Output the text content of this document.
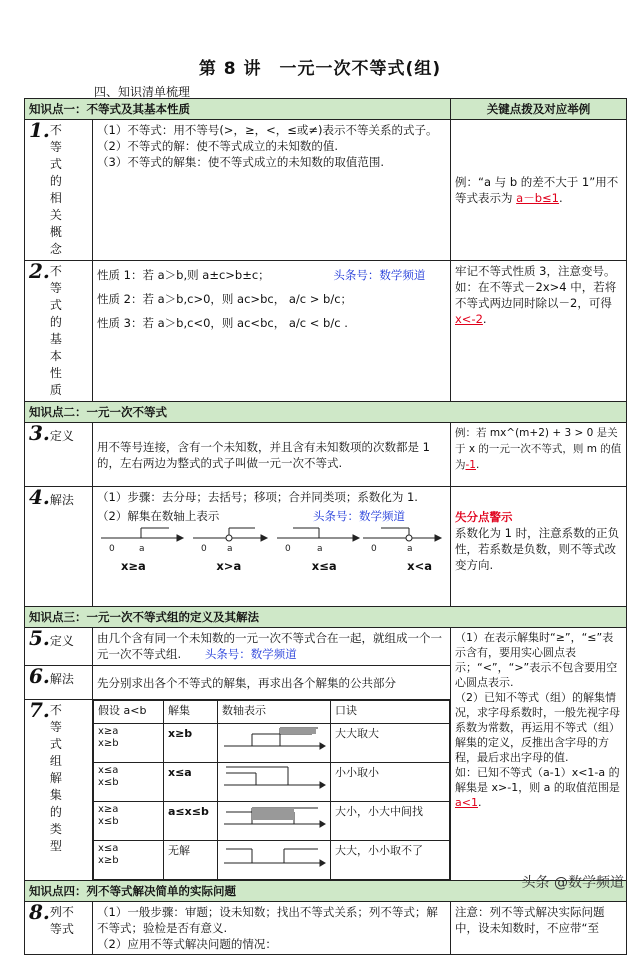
第 8 讲　一元一次不等式(组)
四、知识清单梳理
知识点一：不等式及其基本性质	关键点拨及对应举例

1. 不等式的相关概念

（1）不等式：用不等号(>，≥，<，≤或≠)表示不等关系的式子。

（2）不等式的解：使不等式成立的未知数的值.

（3）不等式的解集：使不等式成立的未知数的取值范围.

	例：“a 与 b 的差不大于 1”用不等式表示为 a－b≤1.

2. 不等式的基本性质

性质 1：若 a＞b,则 a±c>b±c；	头条号：数学频道
性质 2：若 a＞b,c>0，则 ac>bc， a/c > b/c；
性质 3：若 a＞b,c<0，则 ac<bc， a/c < b/c .
	牢记不等式性质 3，注意变号。如：在不等式－2x>4 中，若将不等式两边同时除以－2，可得 x<-2.
知识点二：一元一次不等式
3.定义	用不等号连接，含有一个未知数，并且含有未知数项的次数都是 1 的，左右两边为整式的式子叫做一元一次不等式.	例：若 mx^(m+2) + 3 > 0 是关于 x 的一元一次不等式，则 m 的值为-1.
4.解法	（1）步骤：去分母；去括号；移项；合并同类项；系数化为 1.

（2）解集在数轴上表示	头条号：数学频道

0	a	0 a	0	a	0	a
x≥a	x>a	x≤a	x<a

失分点警示
系数化为 1 时，注意系数的正负性，若系数是负数，则不等式改变方向.

知识点三：一元一次不等式组的定义及其解法
5.定义	由几个含有同一个未知数的一元一次不等式合在一起，就组成一个一元一次不等式组. 头条号：数学频道	

（1）在表示解集时“≥”，“≤”表示含有，要用实心圆点表示；“<”，“>”表示不包含要用空心圆点表示.

（2）已知不等式（组）的解集情况，求字母系数时，一般先视字母系数为常数，再运用不等式（组）解集的定义，反推出含字母的方程，最后求出字母的值.

如：已知不等式（a-1）x<1-a 的解集是 x>-1，则 a 的取值范围是 a<1.

6.解法	先分别求出各个不等式的解集，再求出各个解集的公共部分

7. 不等式组解集的类型

假设 a<b	解集	数轴表示	口诀

x≥a
x≥b
	x≥b		大大取大

x≤a
x≤b
	x≤a		小小取小

x≥a
x≤b
	a≤x≤b		大小，小大中间找

x≤a
x≥b
	无解		大大，小小取不了

知识点四：列不等式解决简单的实际问题

8. 列不等式

（1）一般步骤：审题；设未知数；找出不等式关系；列不等式；解不等式；验检是否有意义.

（2）应用不等式解决问题的情况：

	注意：列不等式解决实际问题中，设未知数时，不应带“至
头条 @数学频道
